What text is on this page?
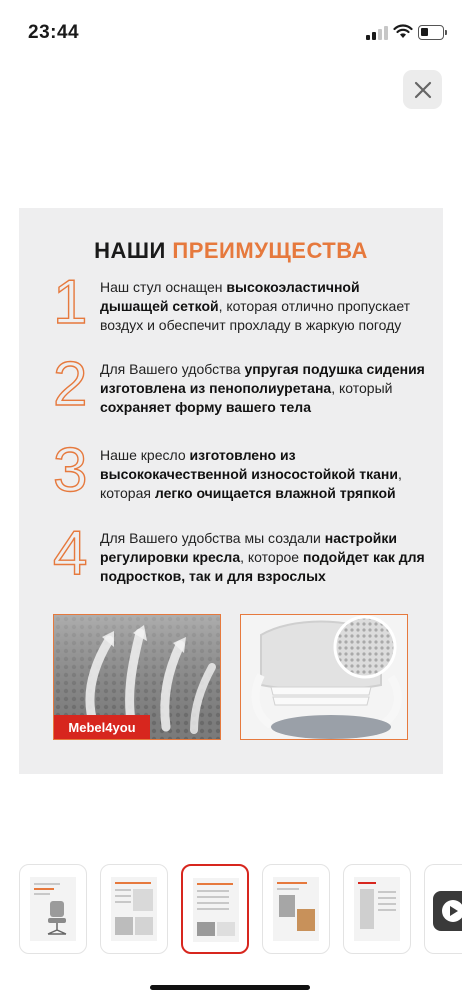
23:44
НАШИ ПРЕИМУЩЕСТВА
1 Наш стул оснащен высокоэластичной дышащей сеткой, которая отлично пропускает воздух и обеспечит прохладу в жаркую погоду
2 Для Вашего удобства упругая подушка сидения изготовлена из пенополиуретана, который сохраняет форму вашего тела
3 Наше кресло изготовлено из высококачественной износостойкой ткани, которая легко очищается влажной тряпкой
4 Для Вашего удобства мы создали настройки регулировки кресла, которое подойдет как для подростков, так и для взрослых
Mebel4you
